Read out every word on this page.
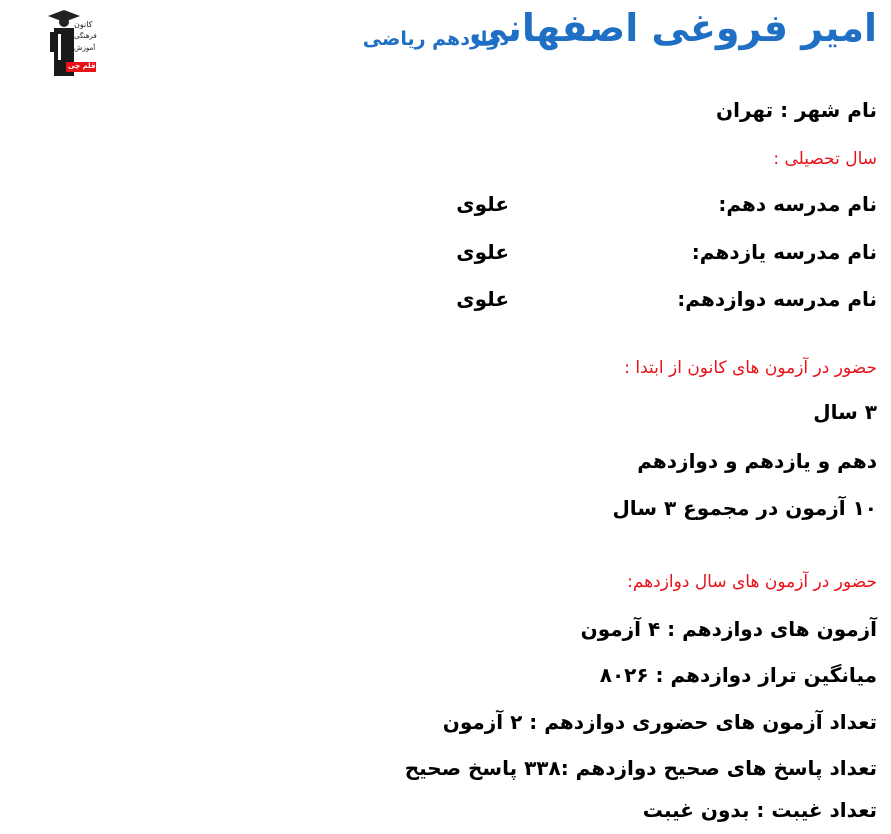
امیر فروغی اصفهانی
دوازدهم ریاضی
کانون
فرهنگی
آموزش
قلم چی
نام شهر : تهران
سال تحصیلی :
نام مدرسه دهم:
علوی
نام مدرسه یازدهم:
علوی
نام مدرسه دوازدهم:
علوی
حضور در آزمون های کانون از ابتدا :
۳ سال
دهم و یازدهم و دوازدهم
۱۰ آزمون در مجموع ۳ سال
حضور در آزمون های سال دوازدهم:
آزمون های دوازدهم : ۴ آزمون
میانگین تراز دوازدهم : ۸۰۲۶
تعداد آزمون های حضوری دوازدهم : ۲ آزمون
تعداد پاسخ های صحیح دوازدهم :۳۳۸ پاسخ صحیح
تعداد غیبت : بدون غیبت
